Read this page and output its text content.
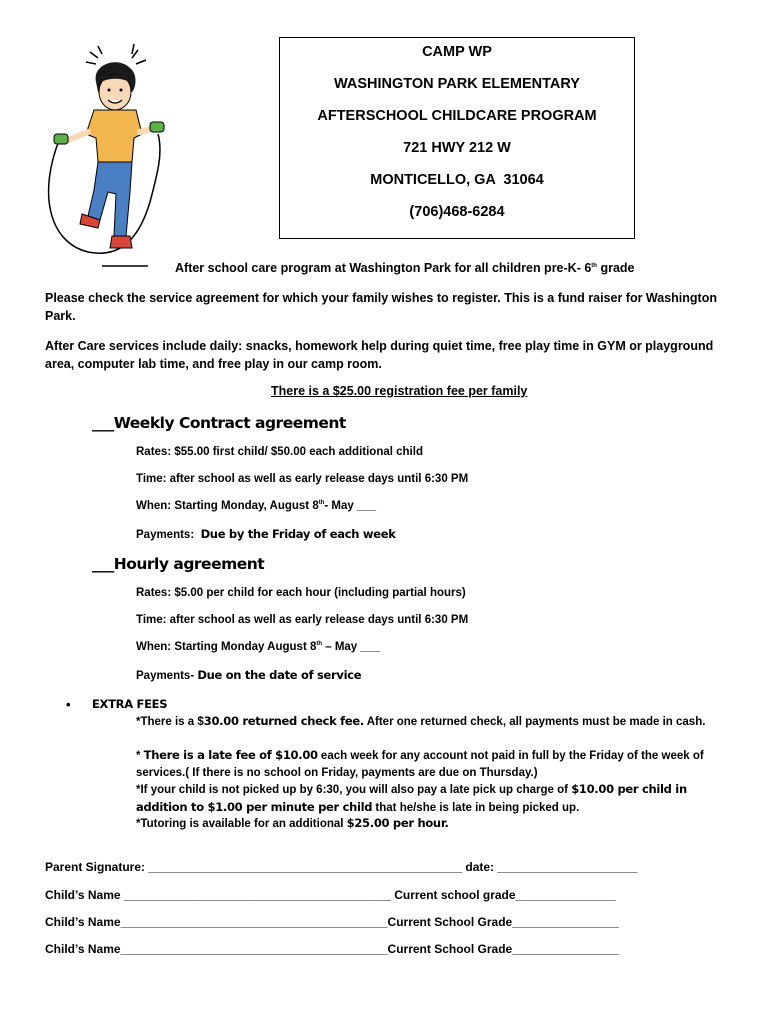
CAMP WP
WASHINGTON PARK ELEMENTARY
AFTERSCHOOL CHILDCARE PROGRAM
721 HWY 212 W
MONTICELLO, GA  31064
(706)468-6284
After school care program at Washington Park for all children pre-K- 6th grade
Please check the service agreement for which your family wishes to register. This is a fund raiser for Washington Park.
After Care services include daily: snacks, homework help during quiet time, free play time in GYM or playground area, computer lab time, and free play in our camp room.
There is a $25.00 registration fee per family
___Weekly Contract agreement
Rates: $55.00 first child/ $50.00 each additional child
Time: after school as well as early release days until 6:30 PM
When: Starting Monday, August 8th- May ___
Payments:  Due by the Friday of each week
___Hourly agreement
Rates: $5.00 per child for each hour (including partial hours)
Time: after school as well as early release days until 6:30 PM
When: Starting Monday August 8th – May ___
Payments- Due on the date of service
• EXTRA FEES
*There is a $30.00 returned check fee. After one returned check, all payments must be made in cash.
* There is a late fee of $10.00 each week for any account not paid in full by the Friday of the week of services.( If there is no school on Friday, payments are due on Thursday.)
*If your child is not picked up by 6:30, you will also pay a late pick up charge of $10.00 per child in addition to $1.00 per minute per child that he/she is late in being picked up.
*Tutoring is available for an additional $25.00 per hour.
Parent Signature: _______________________________________________ date: _____________________
Child’s Name ________________________________________ Current school grade_______________
Child’s Name________________________________________Current School Grade________________
Child’s Name________________________________________Current School Grade________________
